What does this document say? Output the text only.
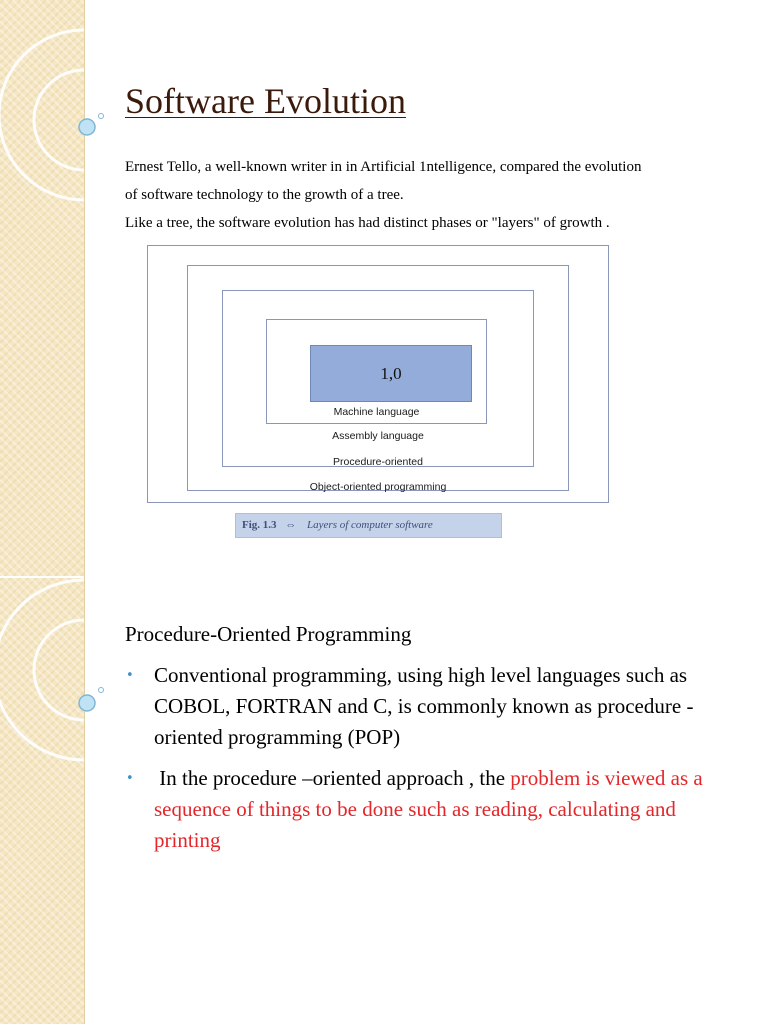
Software Evolution

Ernest Tello, a well-known writer in in Artificial 1ntelligence, compared the evolution

of software technology to the growth of a tree.

Like a tree, the software evolution has had distinct phases or "layers" of growth .

1,0
Machine language
Assembly language
Procedure-oriented
Object-oriented programming
Fig. 1.3 ⇔ Layers of computer software
Procedure-Oriented Programming
• Conventional programming, using high level languages such as COBOL, FORTRAN and C, is commonly known as procedure -oriented programming (POP)
• In the procedure –oriented approach , the problem is viewed as a sequence of things to be done such as reading, calculating and printing
